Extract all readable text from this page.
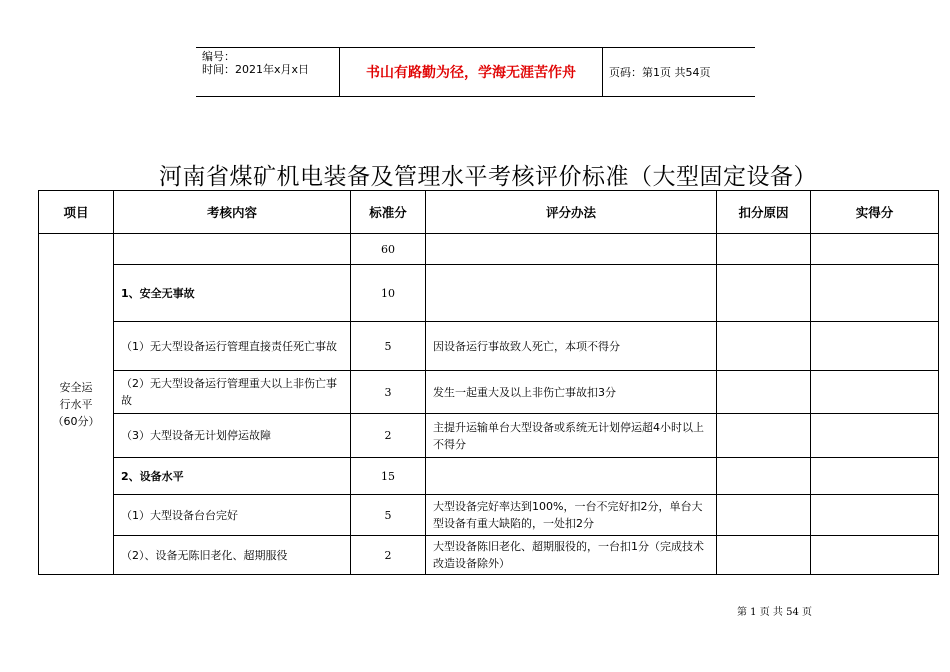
编号：
时间：2021年x月x日	书山有路勤为径，学海无涯苦作舟	页码：第1页 共54页
河南省煤矿机电装备及管理水平考核评价标准（大型固定设备）
项目	考核内容	标准分	评分办法	扣分原因	实得分

安全运
行水平
（60分）		60			
	1、安全无事故	10			
	（1）无大型设备运行管理直接责任死亡事故	5	因设备运行事故致人死亡，本项不得分		
	（2）无大型设备运行管理重大以上非伤亡事故	3	发生一起重大及以上非伤亡事故扣3分		
	（3）大型设备无计划停运故障	2	主提升运输单台大型设备或系统无计划停运超4小时以上不得分		
	2、设备水平	15			
	（1）大型设备台台完好	5	大型设备完好率达到100%，一台不完好扣2分，单台大型设备有重大缺陷的，一处扣2分		
	（2）、设备无陈旧老化、超期服役	2	大型设备陈旧老化、超期服役的，一台扣1分（完成技术改造设备除外）		
第 1 页 共 54 页
